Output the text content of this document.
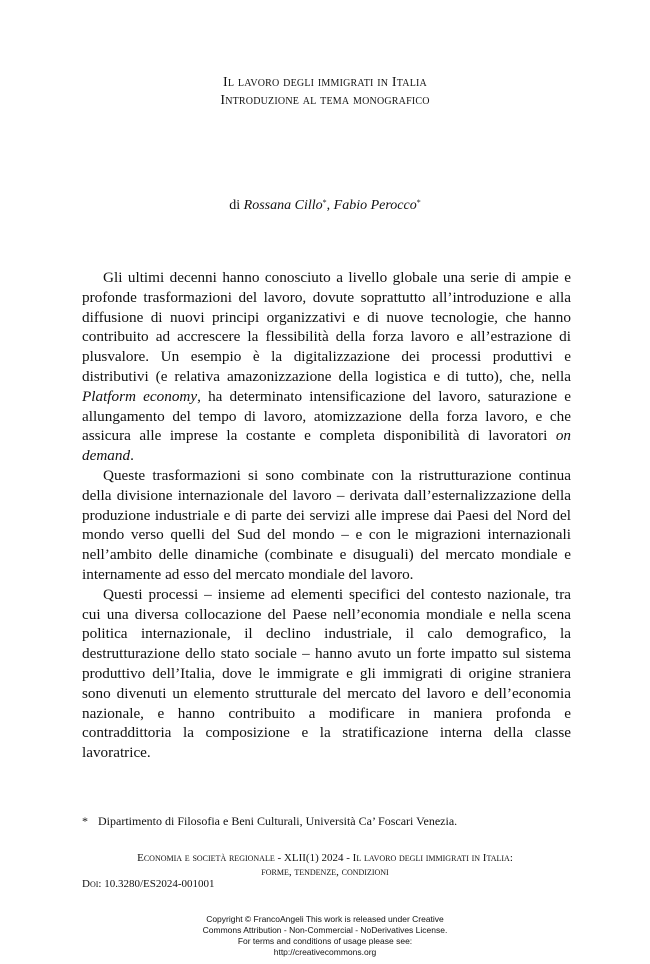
Il lavoro degli immigrati in Italia
Introduzione al tema monografico
di Rossana Cillo*, Fabio Perocco*

Gli ultimi decenni hanno conosciuto a livello globale una serie di ampie e profonde trasformazioni del lavoro, dovute soprattutto all’introduzione e alla diffusione di nuovi principi organizzativi e di nuove tecnologie, che hanno contribuito ad accrescere la flessibilità della forza lavoro e all’estrazione di plusvalore. Un esempio è la digitalizzazione dei processi produttivi e distributivi (e relativa amazonizzazione della logistica e di tutto), che, nella Platform economy, ha determinato intensificazione del lavoro, saturazione e allungamento del tempo di lavoro, atomizzazione della forza lavoro, e che assicura alle imprese la costante e completa disponibilità di lavoratori on demand.

Queste trasformazioni si sono combinate con la ristrutturazione continua della divisione internazionale del lavoro – derivata dall’esternalizzazione della produzione industriale e di parte dei servizi alle imprese dai Paesi del Nord del mondo verso quelli del Sud del mondo – e con le migrazioni internazionali nell’ambito delle dinamiche (combinate e disuguali) del mercato mondiale e internamente ad esso del mercato mondiale del lavoro.

Questi processi – insieme ad elementi specifici del contesto nazionale, tra cui una diversa collocazione del Paese nell’economia mondiale e nella scena politica internazionale, il declino industriale, il calo demografico, la destrutturazione dello stato sociale – hanno avuto un forte impatto sul sistema produttivo dell’Italia, dove le immigrate e gli immigrati di origine straniera sono divenuti un elemento strutturale del mercato del lavoro e dell’economia nazionale, e hanno contribuito a modificare in maniera profonda e contraddittoria la composizione e la stratificazione interna della classe lavoratrice.

* Dipartimento di Filosofia e Beni Culturali, Università Ca’ Foscari Venezia.
Economia e società regionale - XLII(1) 2024 - Il lavoro degli immigrati in Italia:
forme, tendenze, condizioni
Doi: 10.3280/ES2024-001001
Copyright © FrancoAngeli This work is released under Creative
Commons Attribution - Non-Commercial - NoDerivatives License.
For terms and conditions of usage please see:
http://creativecommons.org
